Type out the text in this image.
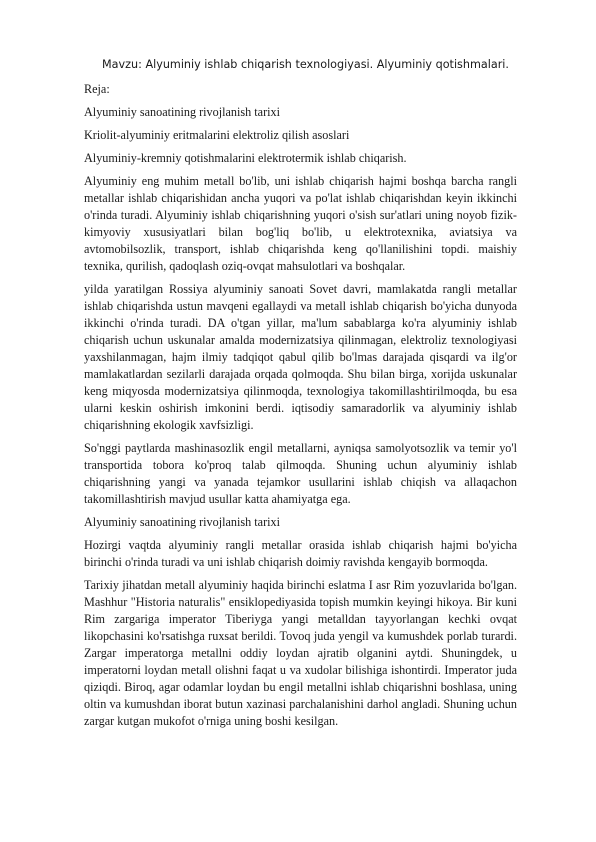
Mavzu: Alyuminiy ishlab chiqarish texnologiyasi. Alyuminiy qotishmalari.
Reja:
Alyuminiy sanoatining rivojlanish tarixi
Kriolit-alyuminiy eritmalarini elektroliz qilish asoslari
Alyuminiy-kremniy qotishmalarini elektrotermik ishlab chiqarish.

Alyuminiy eng muhim metall bo'lib, uni ishlab chiqarish hajmi boshqa barcha rangli metallar ishlab chiqarishidan ancha yuqori va po'lat ishlab chiqarishdan keyin ikkinchi o'rinda turadi. Alyuminiy ishlab chiqarishning yuqori o'sish sur'atlari uning noyob fizik-kimyoviy xususiyatlari bilan bog'liq bo'lib, u elektrotexnika, aviatsiya va avtomobilsozlik, transport, ishlab chiqarishda keng qo'llanilishini topdi. maishiy texnika, qurilish, qadoqlash oziq-ovqat mahsulotlari va boshqalar.

yilda yaratilgan Rossiya alyuminiy sanoati Sovet davri, mamlakatda rangli metallar ishlab chiqarishda ustun mavqeni egallaydi va metall ishlab chiqarish bo'yicha dunyoda ikkinchi o'rinda turadi. DA o'tgan yillar, ma'lum sabablarga ko'ra alyuminiy ishlab chiqarish uchun uskunalar amalda modernizatsiya qilinmagan, elektroliz texnologiyasi yaxshilanmagan, hajm ilmiy tadqiqot qabul qilib bo'lmas darajada qisqardi va ilg'or mamlakatlardan sezilarli darajada orqada qolmoqda. Shu bilan birga, xorijda uskunalar keng miqyosda modernizatsiya qilinmoqda, texnologiya takomillashtirilmoqda, bu esa ularni keskin oshirish imkonini berdi. iqtisodiy samaradorlik va alyuminiy ishlab chiqarishning ekologik xavfsizligi.

So'nggi paytlarda mashinasozlik engil metallarni, ayniqsa samolyotsozlik va temir yo'l transportida tobora ko'proq talab qilmoqda. Shuning uchun alyuminiy ishlab chiqarishning yangi va yanada tejamkor usullarini ishlab chiqish va allaqachon takomillashtirish mavjud usullar katta ahamiyatga ega.

Alyuminiy sanoatining rivojlanish tarixi

Hozirgi vaqtda alyuminiy rangli metallar orasida ishlab chiqarish hajmi bo'yicha birinchi o'rinda turadi va uni ishlab chiqarish doimiy ravishda kengayib bormoqda.

Tarixiy jihatdan metall alyuminiy haqida birinchi eslatma I asr Rim yozuvlarida bo'lgan. Mashhur "Historia naturalis" ensiklopediyasida topish mumkin keyingi hikoya. Bir kuni Rim zargariga imperator Tiberiyga yangi metalldan tayyorlangan kechki ovqat likopchasini ko'rsatishga ruxsat berildi. Tovoq juda yengil va kumushdek porlab turardi. Zargar imperatorga metallni oddiy loydan ajratib olganini aytdi. Shuningdek, u imperatorni loydan metall olishni faqat u va xudolar bilishiga ishontirdi. Imperator juda qiziqdi. Biroq, agar odamlar loydan bu engil metallni ishlab chiqarishni boshlasa, uning oltin va kumushdan iborat butun xazinasi parchalanishini darhol angladi. Shuning uchun zargar kutgan mukofot o'rniga uning boshi kesilgan.
